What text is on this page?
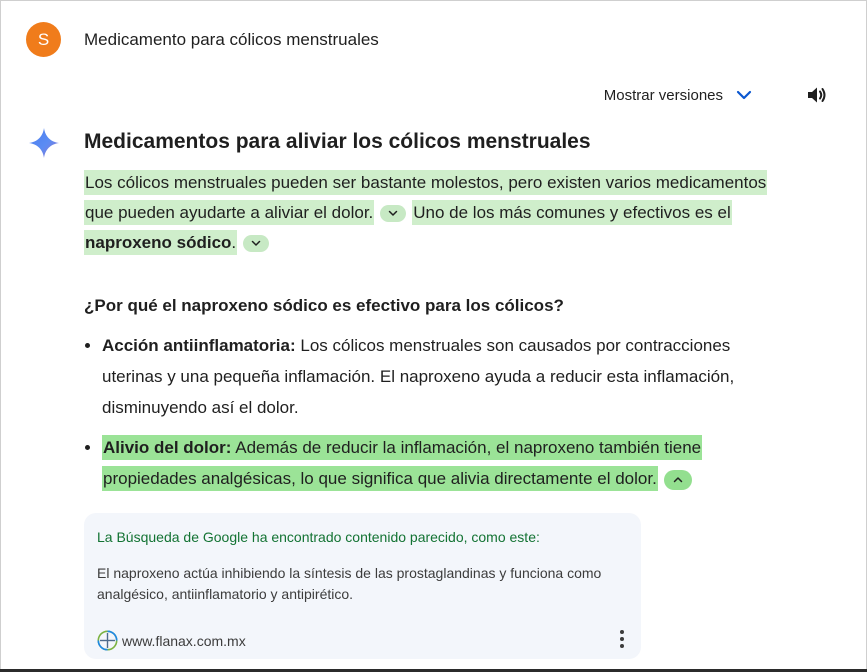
S	Medicamento para cólicos menstruales
Mostrar versiones
Medicamentos para aliviar los cólicos menstruales
Los cólicos menstruales pueden ser bastante molestos, pero existen varios medicamentos que pueden ayudarte a aliviar el dolor. Uno de los más comunes y efectivos es el naproxeno sódico.
¿Por qué el naproxeno sódico es efectivo para los cólicos?
• Acción antiinflamatoria: Los cólicos menstruales son causados por contracciones uterinas y una pequeña inflamación. El naproxeno ayuda a reducir esta inflamación, disminuyendo así el dolor.
• Alivio del dolor: Además de reducir la inflamación, el naproxeno también tiene propiedades analgésicas, lo que significa que alivia directamente el dolor.
La Búsqueda de Google ha encontrado contenido parecido, como este:
El naproxeno actúa inhibiendo la síntesis de las prostaglandinas y funciona como analgésico, antiinflamatorio y antipirético.
www.flanax.com.mx
